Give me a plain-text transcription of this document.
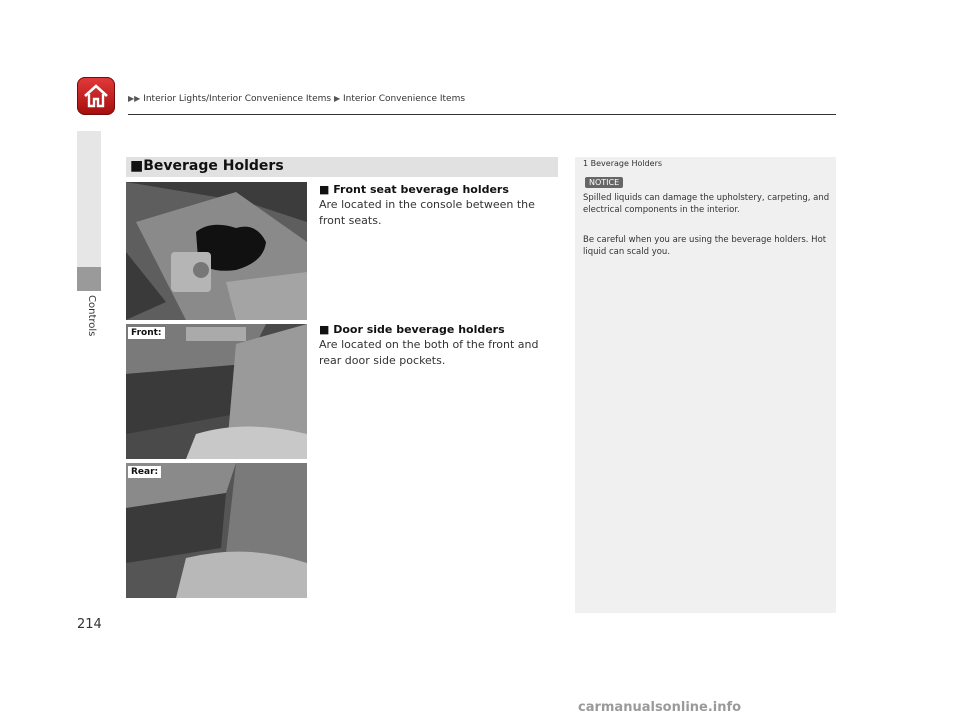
▶▶ Interior Lights/Interior Convenience Items ▶ Interior Convenience Items
Controls
■Beverage Holders
■ Front seat beverage holders
Are located in the console between the front seats.
Front:	■ Door side beverage holders
Are located on the both of the front and rear door side pockets.
Rear:
1 Beverage Holders
NOTICE
Spilled liquids can damage the upholstery, carpeting, and electrical components in the interior.
Be careful when you are using the beverage holders. Hot liquid can scald you.
214
carmanualsonline.info
